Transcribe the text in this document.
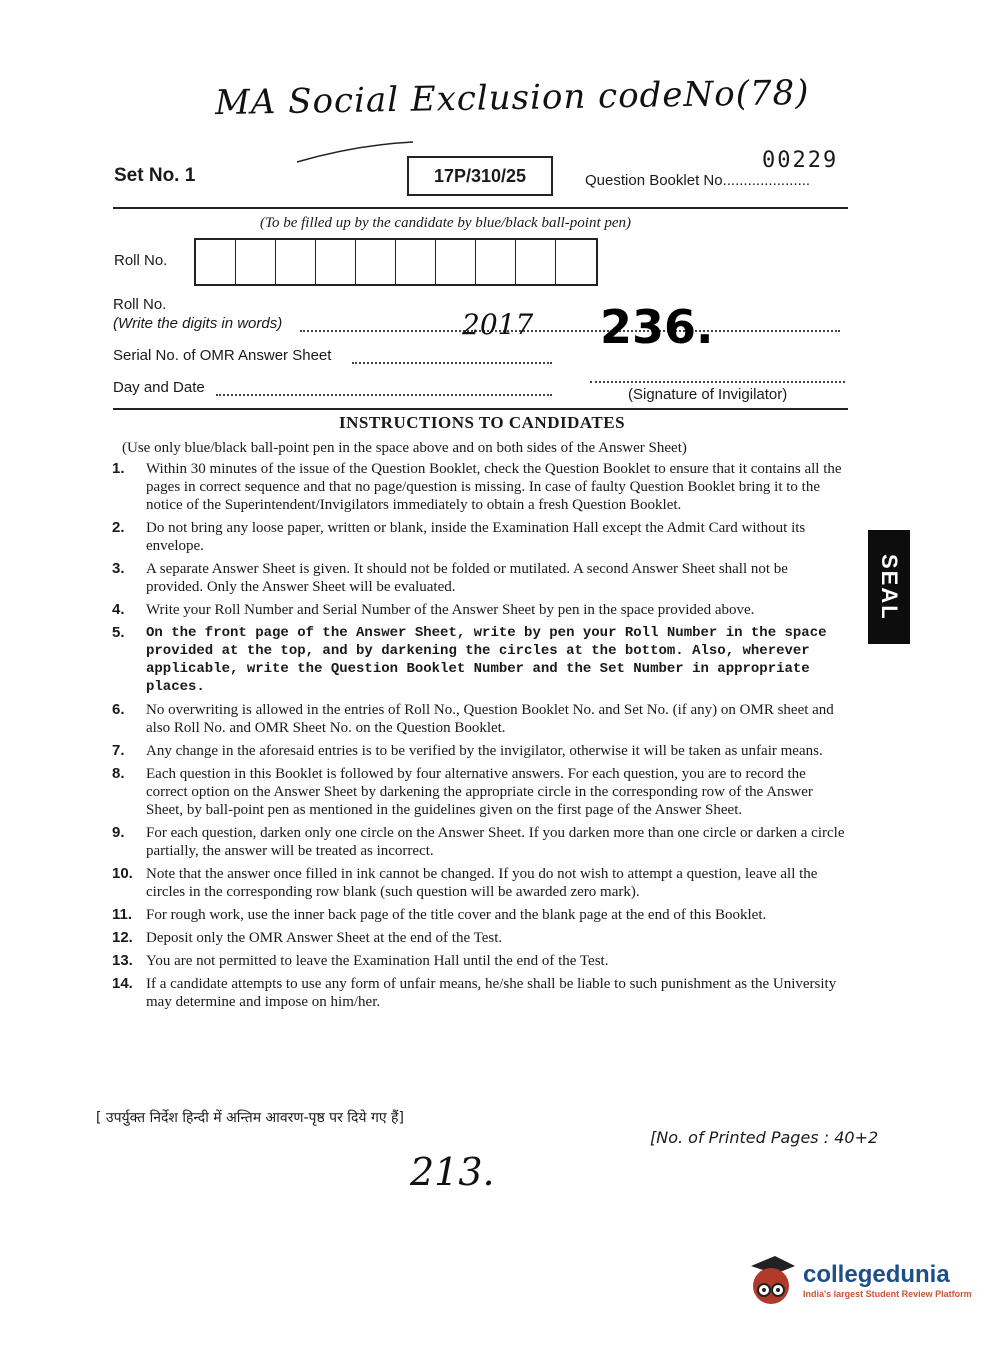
MA Social Exclusion codeNo(78)
Set No. 1	17P/310/25	Question Booklet No.....................
00229
(To be filled up by the candidate by blue/black ball-point pen)
Roll No.
Roll No.
(Write the digits in words)	2017 236.
Serial No. of OMR Answer Sheet
Day and Date	(Signature of Invigilator)
INSTRUCTIONS TO CANDIDATES
(Use only blue/black ball-point pen in the space above and on both sides of the Answer Sheet)
1.	Within 30 minutes of the issue of the Question Booklet, check the Question Booklet to ensure that it contains all the pages in correct sequence and that no page/question is missing. In case of faulty Question Booklet bring it to the notice of the Superintendent/Invigilators immediately to obtain a fresh Question Booklet.
2.	Do not bring any loose paper, written or blank, inside the Examination Hall except the Admit Card without its envelope.
3.	A separate Answer Sheet is given. It should not be folded or mutilated. A second Answer Sheet shall not be provided. Only the Answer Sheet will be evaluated.
4.	Write your Roll Number and Serial Number of the Answer Sheet by pen in the space provided above.
5.	On the front page of the Answer Sheet, write by pen your Roll Number in the space provided at the top, and by darkening the circles at the bottom. Also, wherever applicable, write the Question Booklet Number and the Set Number in appropriate places.
6.	No overwriting is allowed in the entries of Roll No., Question Booklet No. and Set No. (if any) on OMR sheet and also Roll No. and OMR Sheet No. on the Question Booklet.
7.	Any change in the aforesaid entries is to be verified by the invigilator, otherwise it will be taken as unfair means.
8.	Each question in this Booklet is followed by four alternative answers. For each question, you are to record the correct option on the Answer Sheet by darkening the appropriate circle in the corresponding row of the Answer Sheet, by ball-point pen as mentioned in the guidelines given on the first page of the Answer Sheet.
9.	For each question, darken only one circle on the Answer Sheet. If you darken more than one circle or darken a circle partially, the answer will be treated as incorrect.
10. Note that the answer once filled in ink cannot be changed. If you do not wish to attempt a question, leave all the circles in the corresponding row blank (such question will be awarded zero mark).
11. For rough work, use the inner back page of the title cover and the blank page at the end of this Booklet.
12. Deposit only the OMR Answer Sheet at the end of the Test.
13. You are not permitted to leave the Examination Hall until the end of the Test.
14. If a candidate attempts to use any form of unfair means, he/she shall be liable to such punishment as the University may determine and impose on him/her.
SEAL
[ उपर्युक्त निर्देश हिन्दी में अन्तिम आवरण-पृष्ठ पर दिये गए हैं]
[No. of Printed Pages : 40+2
213.
collegedunia
India's largest Student Review Platform
